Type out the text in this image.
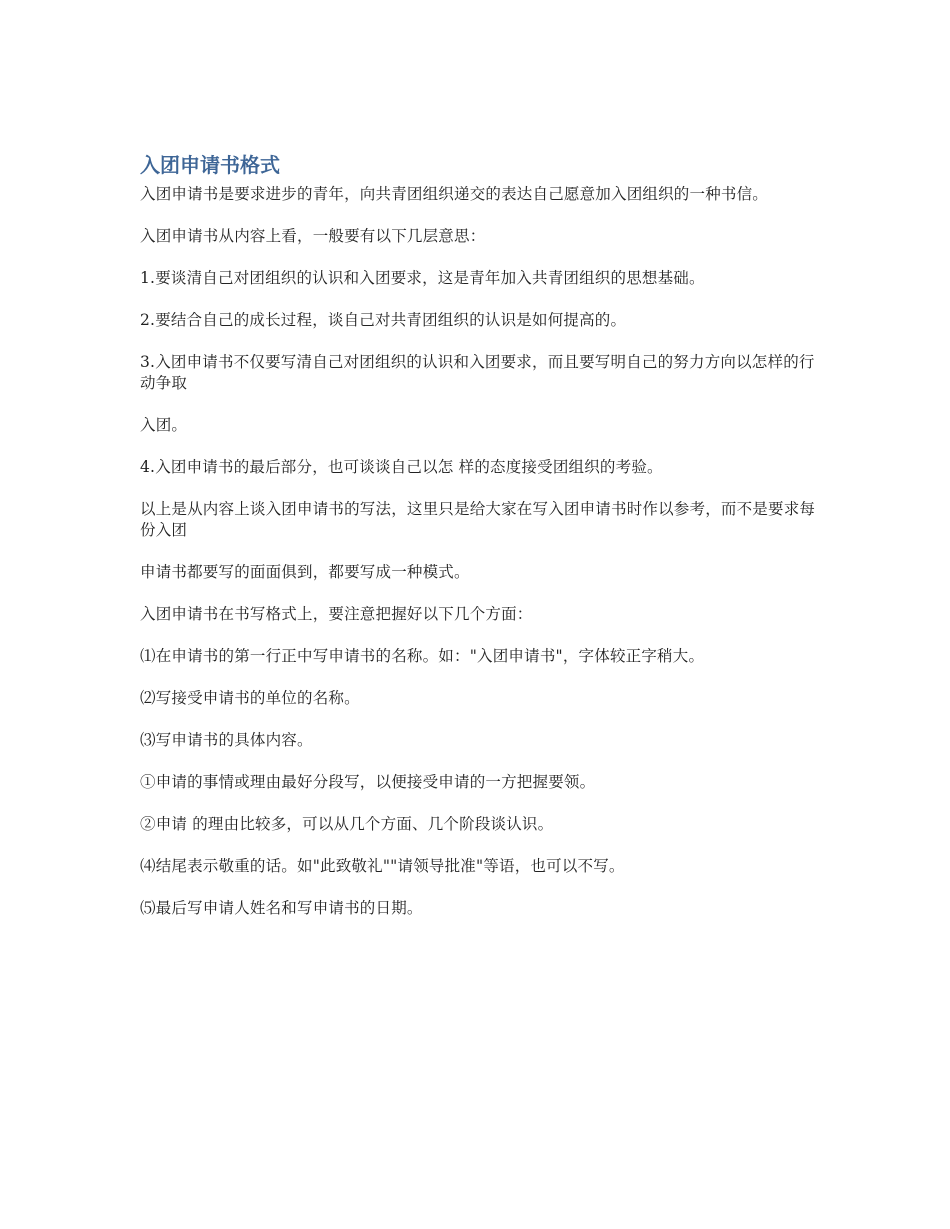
入团申请书格式

入团申请书是要求进步的青年，向共青团组织递交的表达自己愿意加入团组织的一种书信。

入团申请书从内容上看，一般要有以下几层意思：

1.要谈清自己对团组织的认识和入团要求，这是青年加入共青团组织的思想基础。

2.要结合自己的成长过程，谈自己对共青团组织的认识是如何提高的。

3.入团申请书不仅要写清自己对团组织的认识和入团要求，而且要写明自己的努力方向以怎样的行动争取

入团。

4.入团申请书的最后部分，也可谈谈自己以怎 样的态度接受团组织的考验。

以上是从内容上谈入团申请书的写法，这里只是给大家在写入团申请书时作以参考，而不是要求每份入团

申请书都要写的面面俱到，都要写成一种模式。

入团申请书在书写格式上，要注意把握好以下几个方面：

⑴在申请书的第一行正中写申请书的名称。如："入团申请书"，字体较正字稍大。

⑵写接受申请书的单位的名称。

⑶写申请书的具体内容。

①申请的事情或理由最好分段写，以便接受申请的一方把握要领。

②申请 的理由比较多，可以从几个方面、几个阶段谈认识。

⑷结尾表示敬重的话。如"此致敬礼""请领导批准"等语，也可以不写。

⑸最后写申请人姓名和写申请书的日期。
